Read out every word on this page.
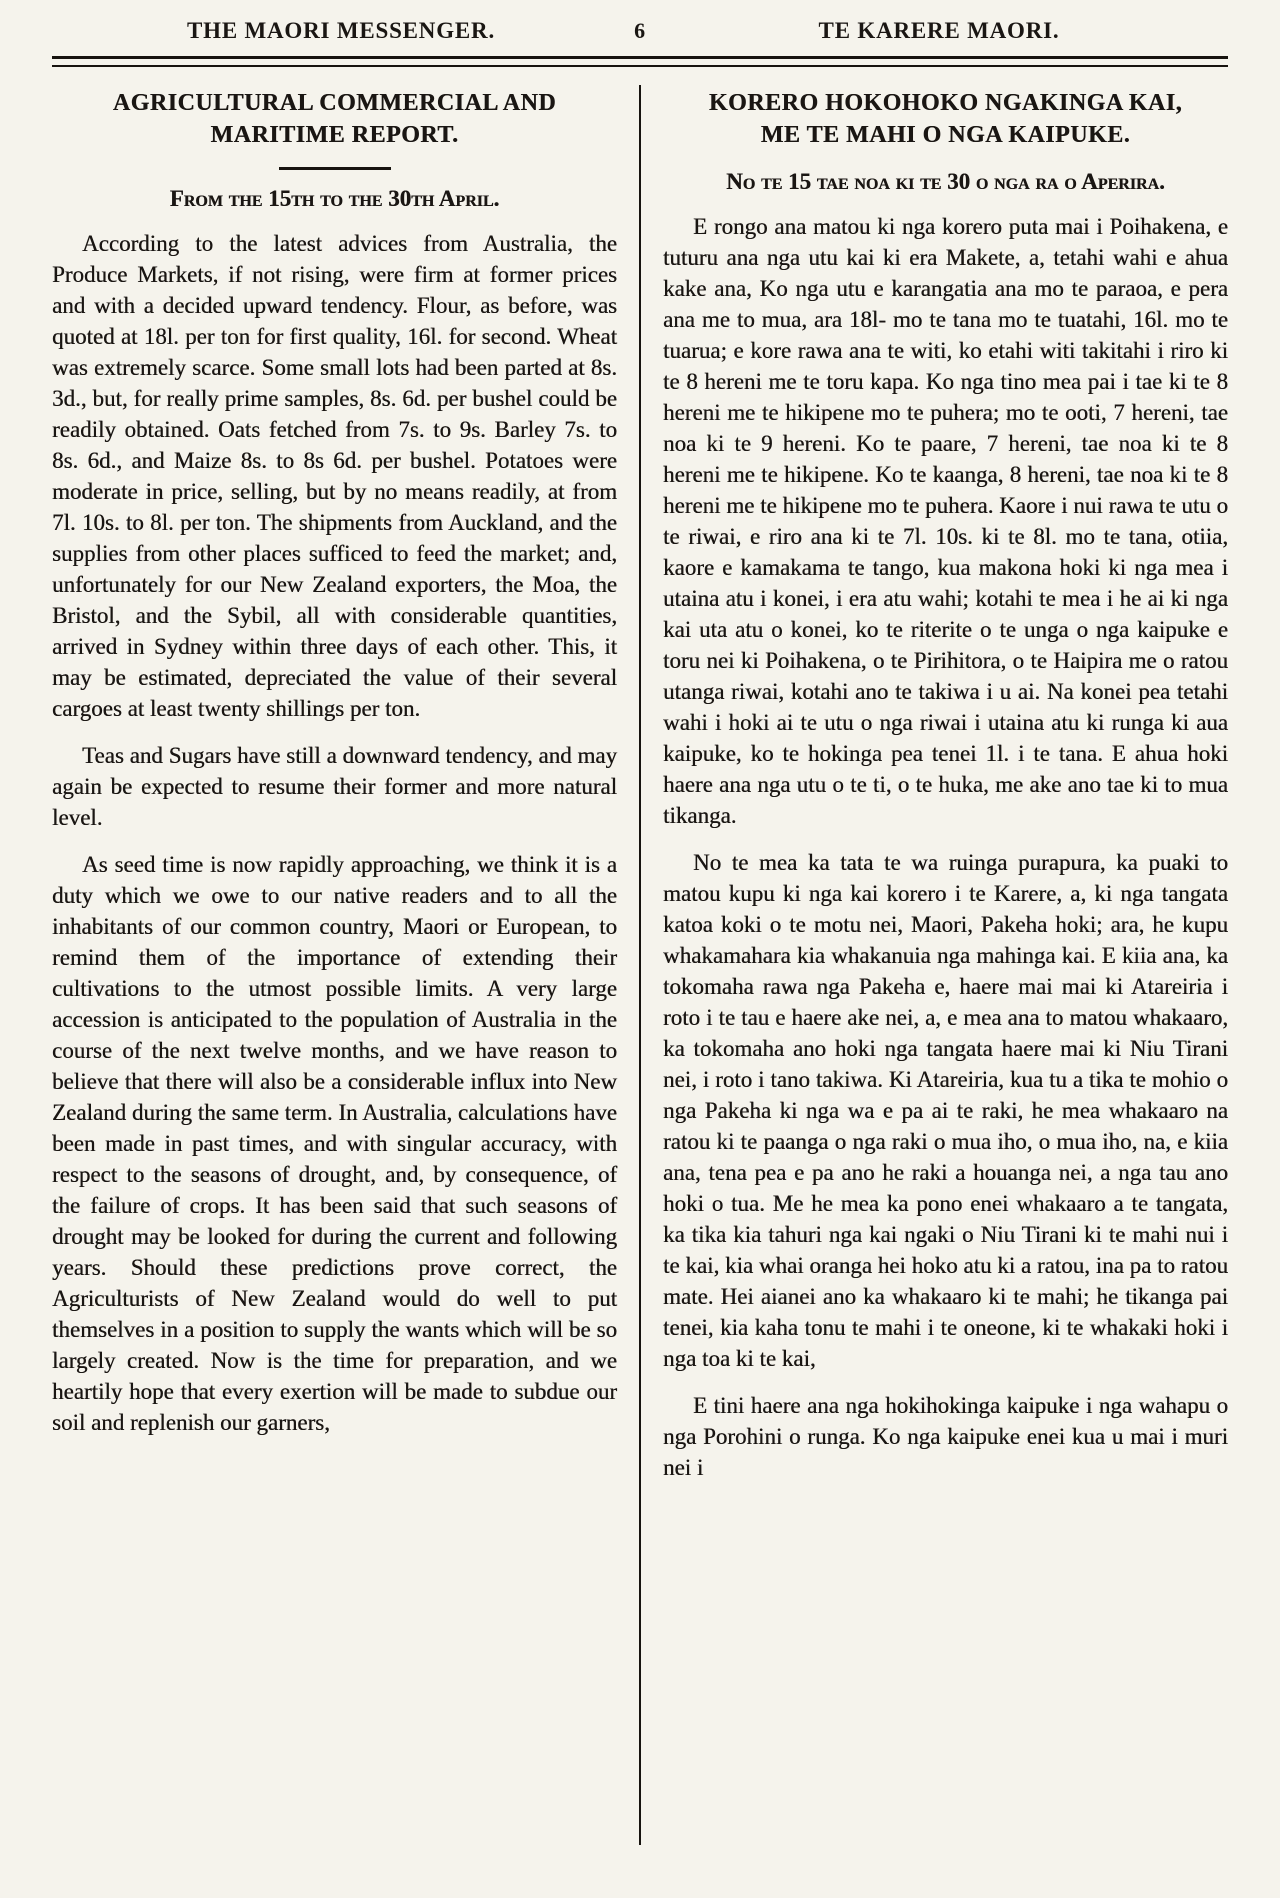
THE MAORI MESSENGER.	6	TE KARERE MAORI.
AGRICULTURAL COMMERCIAL AND MARITIME REPORT.
From the 15th to the 30th April.

According to the latest advices from Australia, the Produce Markets, if not rising, were firm at former prices and with a decided upward tendency. Flour, as before, was quoted at 18l. per ton for first quality, 16l. for second. Wheat was extremely scarce. Some small lots had been parted at 8s. 3d., but, for really prime samples, 8s. 6d. per bushel could be readily obtained. Oats fetched from 7s. to 9s. Barley 7s. to 8s. 6d., and Maize 8s. to 8s 6d. per bushel. Potatoes were moderate in price, selling, but by no means readily, at from 7l. 10s. to 8l. per ton. The shipments from Auckland, and the supplies from other places sufficed to feed the market; and, unfortunately for our New Zealand exporters, the Moa, the Bristol, and the Sybil, all with considerable quantities, arrived in Sydney within three days of each other. This, it may be estimated, depreciated the value of their several cargoes at least twenty shillings per ton.

Teas and Sugars have still a downward tendency, and may again be expected to resume their former and more natural level.

As seed time is now rapidly approaching, we think it is a duty which we owe to our native readers and to all the inhabitants of our common country, Maori or European, to remind them of the importance of extending their cultivations to the utmost possible limits. A very large accession is anticipated to the population of Australia in the course of the next twelve months, and we have reason to believe that there will also be a considerable influx into New Zealand during the same term. In Australia, calculations have been made in past times, and with singular accuracy, with respect to the seasons of drought, and, by consequence, of the failure of crops. It has been said that such seasons of drought may be looked for during the current and following years. Should these predictions prove correct, the Agriculturists of New Zealand would do well to put themselves in a position to supply the wants which will be so largely created. Now is the time for preparation, and we heartily hope that every exertion will be made to subdue our soil and replenish our garners,

KORERO HOKOHOKO NGAKINGA KAI, ME TE MAHI O NGA KAIPUKE.
No te 15 tae noa ki te 30 o nga ra o Aperira.

E rongo ana matou ki nga korero puta mai i Poihakena, e tuturu ana nga utu kai ki era Makete, a, tetahi wahi e ahua kake ana, Ko nga utu e karangatia ana mo te paraoa, e pera ana me to mua, ara 18l- mo te tana mo te tuatahi, 16l. mo te tuarua; e kore rawa ana te witi, ko etahi witi takitahi i riro ki te 8 hereni me te toru kapa. Ko nga tino mea pai i tae ki te 8 hereni me te hikipene mo te puhera; mo te ooti, 7 hereni, tae noa ki te 9 hereni. Ko te paare, 7 hereni, tae noa ki te 8 hereni me te hikipene. Ko te kaanga, 8 hereni, tae noa ki te 8 hereni me te hikipene mo te puhera. Kaore i nui rawa te utu o te riwai, e riro ana ki te 7l. 10s. ki te 8l. mo te tana, otiia, kaore e kamakama te tango, kua makona hoki ki nga mea i utaina atu i konei, i era atu wahi; kotahi te mea i he ai ki nga kai uta atu o konei, ko te riterite o te unga o nga kaipuke e toru nei ki Poihakena, o te Pirihitora, o te Haipira me o ratou utanga riwai, kotahi ano te takiwa i u ai. Na konei pea tetahi wahi i hoki ai te utu o nga riwai i utaina atu ki runga ki aua kaipuke, ko te hokinga pea tenei 1l. i te tana. E ahua hoki haere ana nga utu o te ti, o te huka, me ake ano tae ki to mua tikanga.

No te mea ka tata te wa ruinga purapura, ka puaki to matou kupu ki nga kai korero i te Karere, a, ki nga tangata katoa koki o te motu nei, Maori, Pakeha hoki; ara, he kupu whakamahara kia whakanuia nga mahinga kai. E kiia ana, ka tokomaha rawa nga Pakeha e, haere mai mai ki Atareiria i roto i te tau e haere ake nei, a, e mea ana to matou whakaaro, ka tokomaha ano hoki nga tangata haere mai ki Niu Tirani nei, i roto i tano takiwa. Ki Atareiria, kua tu a tika te mohio o nga Pakeha ki nga wa e pa ai te raki, he mea whakaaro na ratou ki te paanga o nga raki o mua iho, o mua iho, na, e kiia ana, tena pea e pa ano he raki a houanga nei, a nga tau ano hoki o tua. Me he mea ka pono enei whakaaro a te tangata, ka tika kia tahuri nga kai ngaki o Niu Tirani ki te mahi nui i te kai, kia whai oranga hei hoko atu ki a ratou, ina pa to ratou mate. Hei aianei ano ka whakaaro ki te mahi; he tikanga pai tenei, kia kaha tonu te mahi i te oneone, ki te whakaki hoki i nga toa ki te kai,

E tini haere ana nga hokihokinga kaipuke i nga wahapu o nga Porohini o runga. Ko nga kaipuke enei kua u mai i muri nei i
